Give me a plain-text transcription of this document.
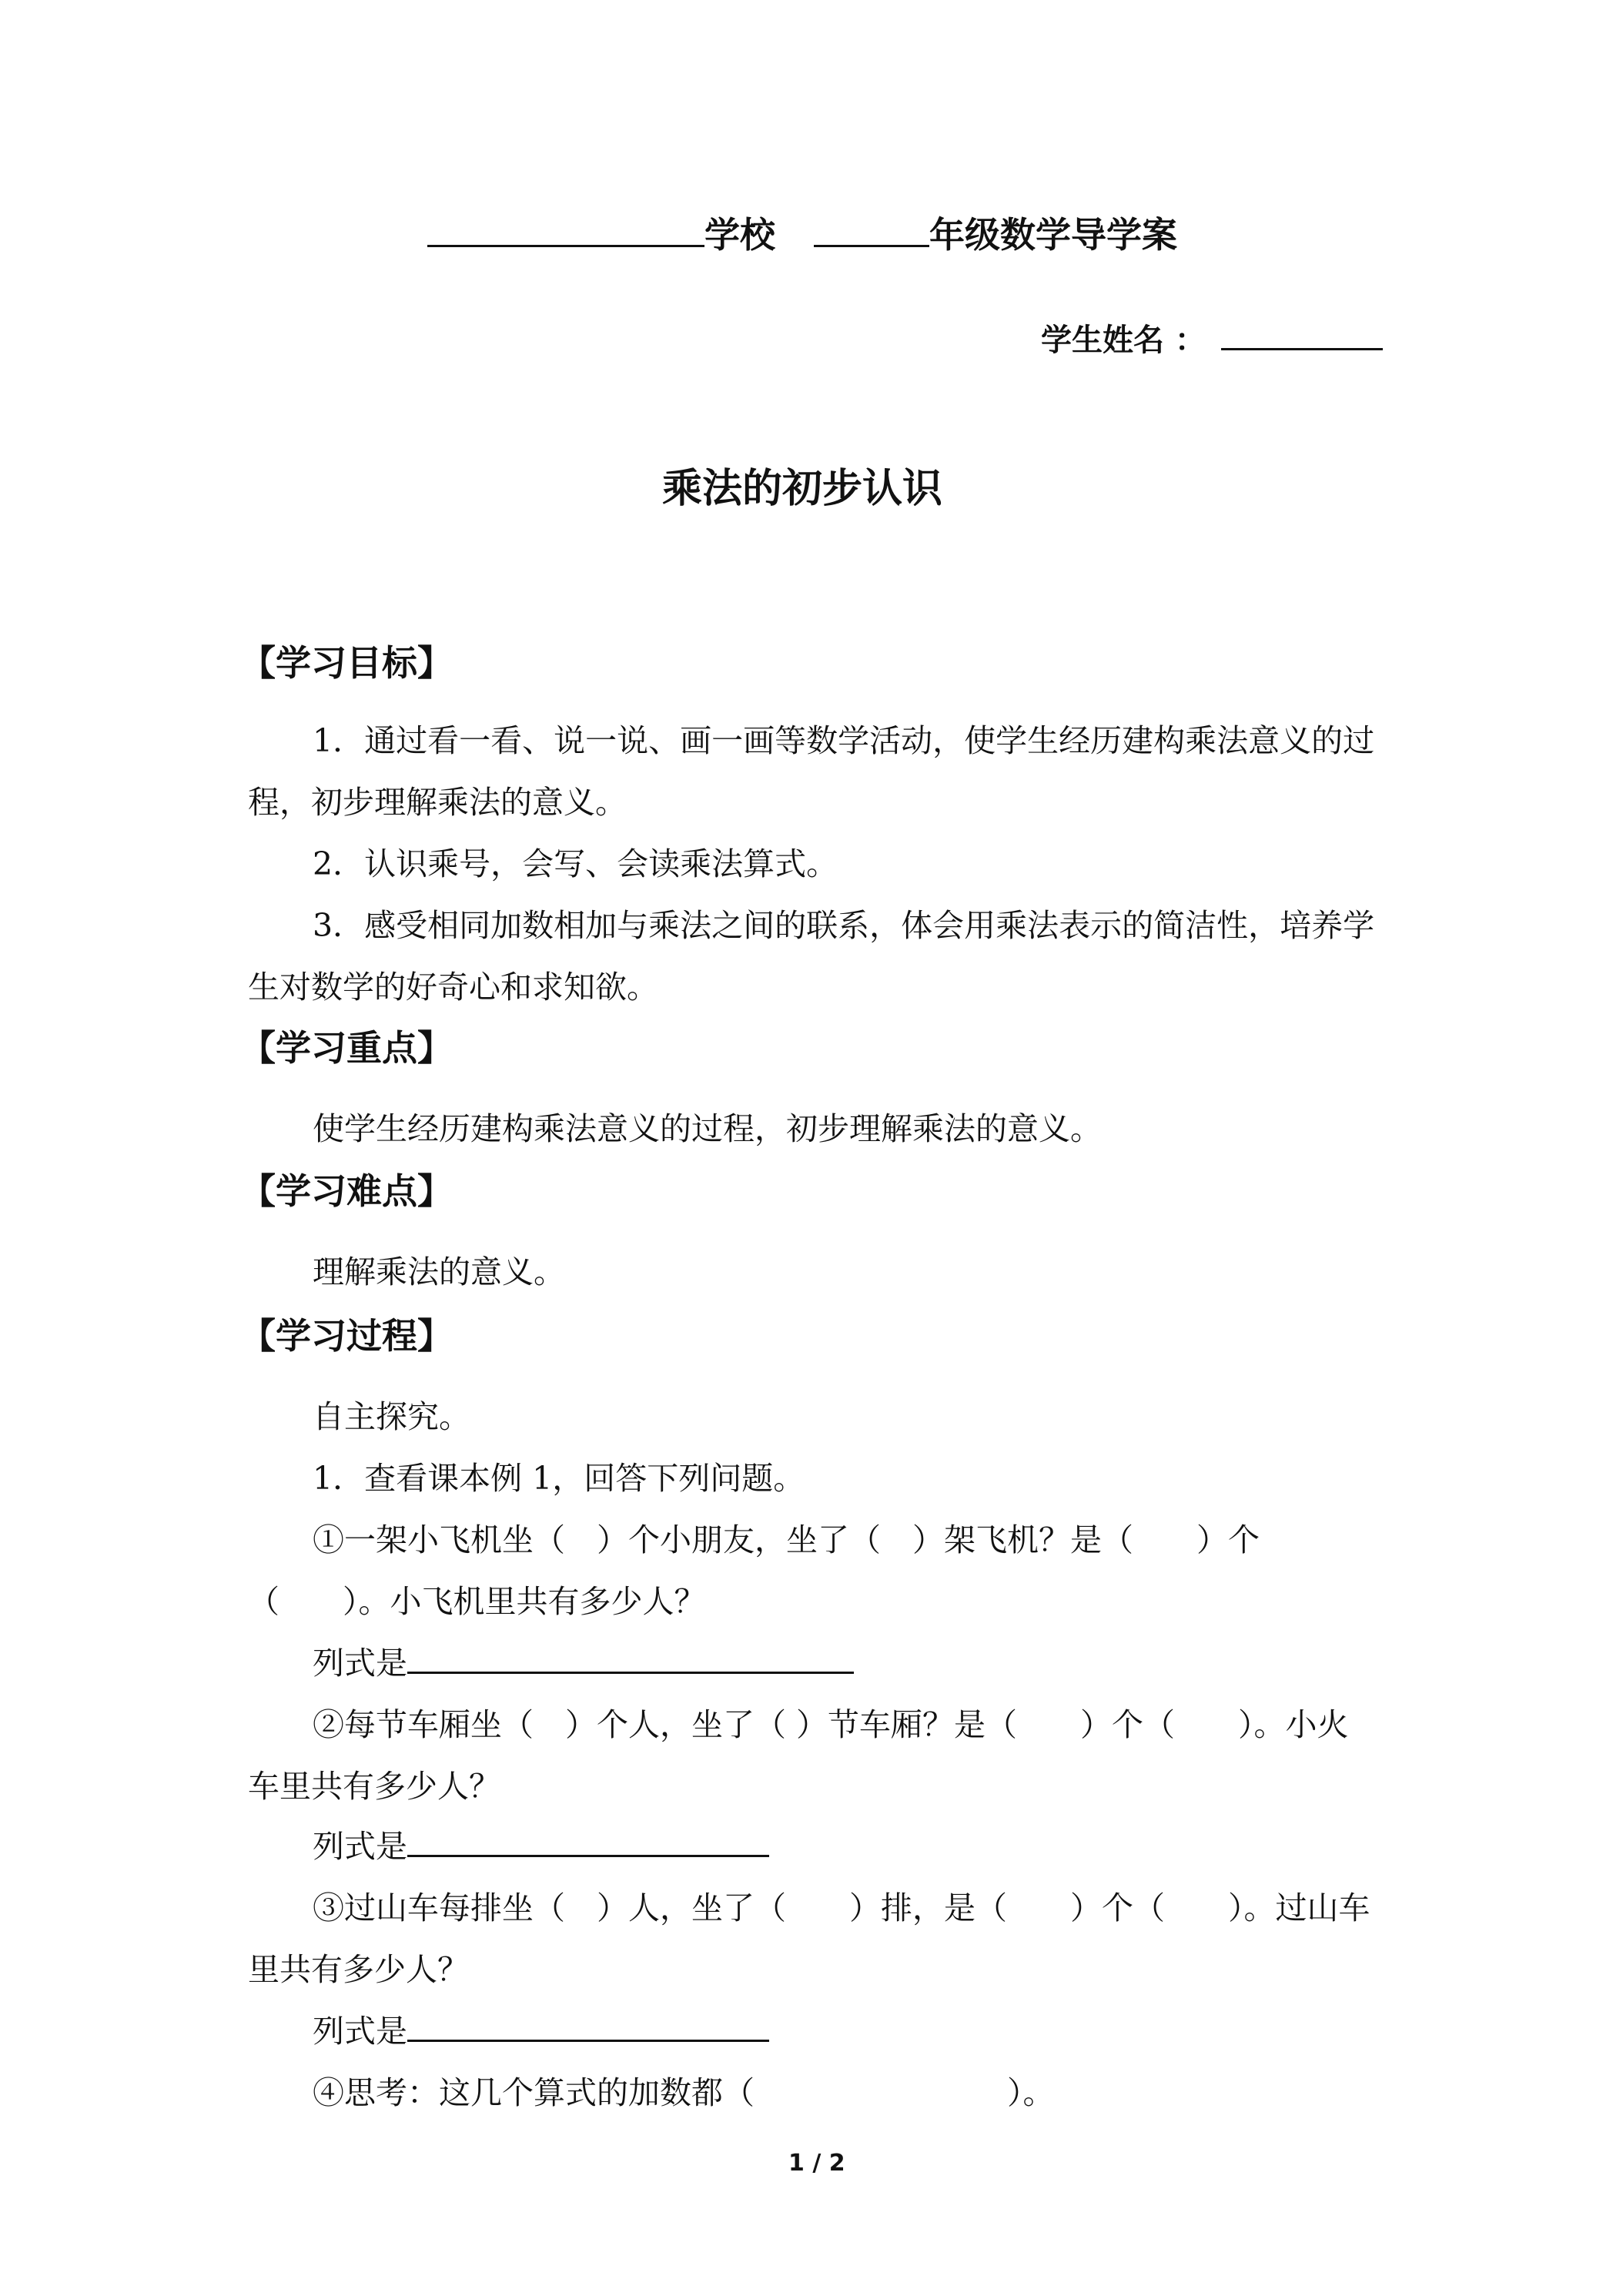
学校	年级数学导学案
学生姓名 ：
乘法的初步认识
【学习目标】
1．通过看一看、说一说、画一画等数学活动，使学生经历建构乘法意义的过程，初步理解乘法的意义。
2．认识乘号，会写、会读乘法算式。
3．感受相同加数相加与乘法之间的联系，体会用乘法表示的简洁性，培养学生对数学的好奇心和求知欲。
【学习重点】
使学生经历建构乘法意义的过程，初步理解乘法的意义。
【学习难点】
理解乘法的意义。
【学习过程】
自主探究。
1．查看课本例 1，回答下列问题。
①一架小飞机坐（　）个小朋友，坐了（　）架飞机？是（　　）个（　　）。小飞机里共有多少人？
列式是
②每节车厢坐（　）个人，坐了（ ）节车厢？是（　　）个（　　）。小火车里共有多少人？
列式是
③过山车每排坐（　）人，坐了（　　）排，是（　　）个（　　）。过山车里共有多少人？
列式是
④思考：这几个算式的加数都（　　　　　　　　）。
1 / 2
